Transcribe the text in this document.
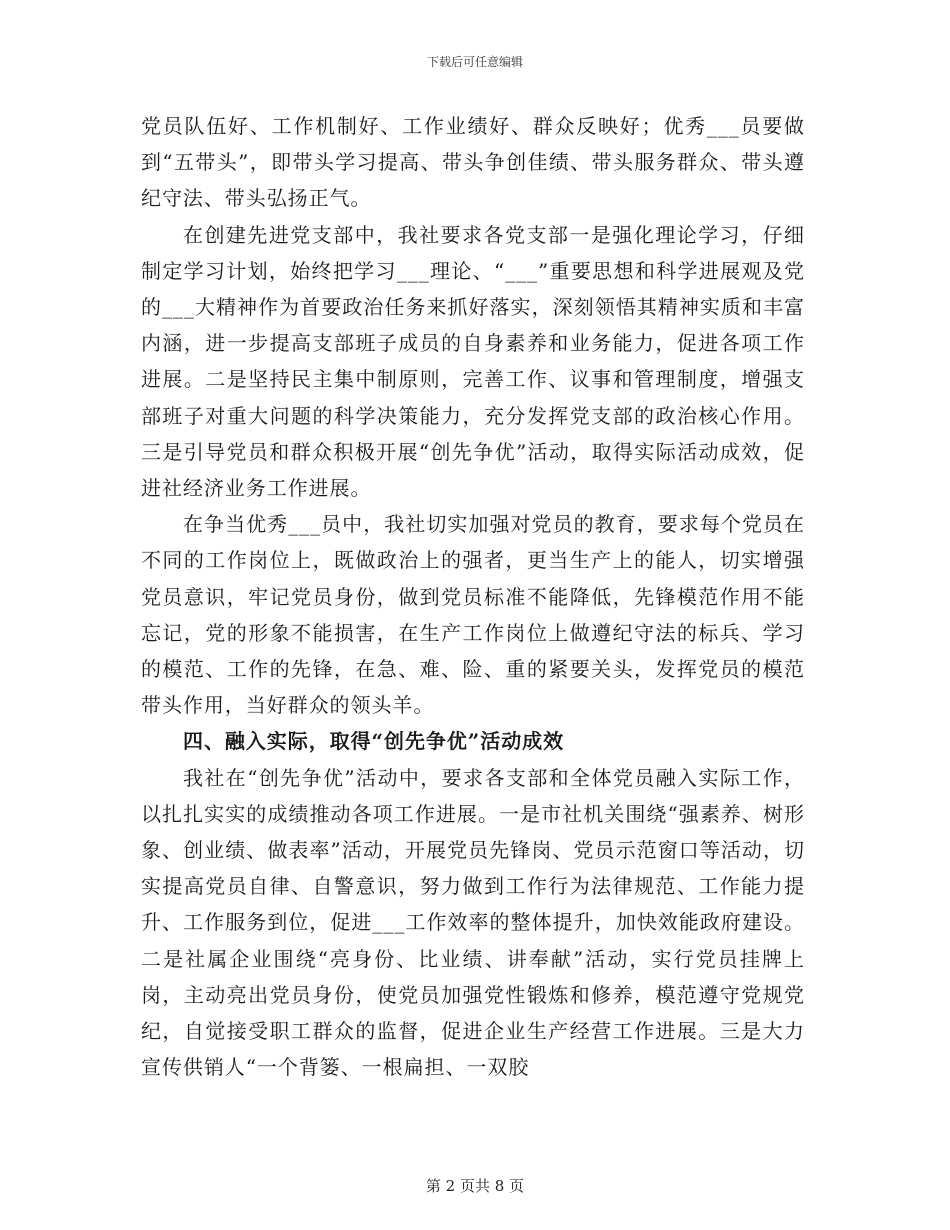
下载后可任意编辑

党员队伍好、工作机制好、工作业绩好、群众反映好；优秀___员要做到“五带头”，即带头学习提高、带头争创佳绩、带头服务群众、带头遵纪守法、带头弘扬正气。

在创建先进党支部中，我社要求各党支部一是强化理论学习，仔细制定学习计划，始终把学习___理论、“___”重要思想和科学进展观及党的___大精神作为首要政治任务来抓好落实，深刻领悟其精神实质和丰富内涵，进一步提高支部班子成员的自身素养和业务能力，促进各项工作进展。二是坚持民主集中制原则，完善工作、议事和管理制度，增强支部班子对重大问题的科学决策能力，充分发挥党支部的政治核心作用。三是引导党员和群众积极开展“创先争优”活动，取得实际活动成效，促进社经济业务工作进展。

在争当优秀___员中，我社切实加强对党员的教育，要求每个党员在不同的工作岗位上，既做政治上的强者，更当生产上的能人，切实增强党员意识，牢记党员身份，做到党员标准不能降低，先锋模范作用不能忘记，党的形象不能损害，在生产工作岗位上做遵纪守法的标兵、学习的模范、工作的先锋，在急、难、险、重的紧要关头，发挥党员的模范带头作用，当好群众的领头羊。

四、融入实际，取得“创先争优”活动成效

我社在“创先争优”活动中，要求各支部和全体党员融入实际工作，以扎扎实实的成绩推动各项工作进展。一是市社机关围绕“强素养、树形象、创业绩、做表率”活动，开展党员先锋岗、党员示范窗口等活动，切实提高党员自律、自警意识，努力做到工作行为法律规范、工作能力提升、工作服务到位，促进___工作效率的整体提升，加快效能政府建设。二是社属企业围绕“亮身份、比业绩、讲奉献”活动，实行党员挂牌上岗，主动亮出党员身份，使党员加强党性锻炼和修养，模范遵守党规党纪，自觉接受职工群众的监督，促进企业生产经营工作进展。三是大力宣传供销人“一个背篓、一根扁担、一双胶

第 2 页共 8 页
